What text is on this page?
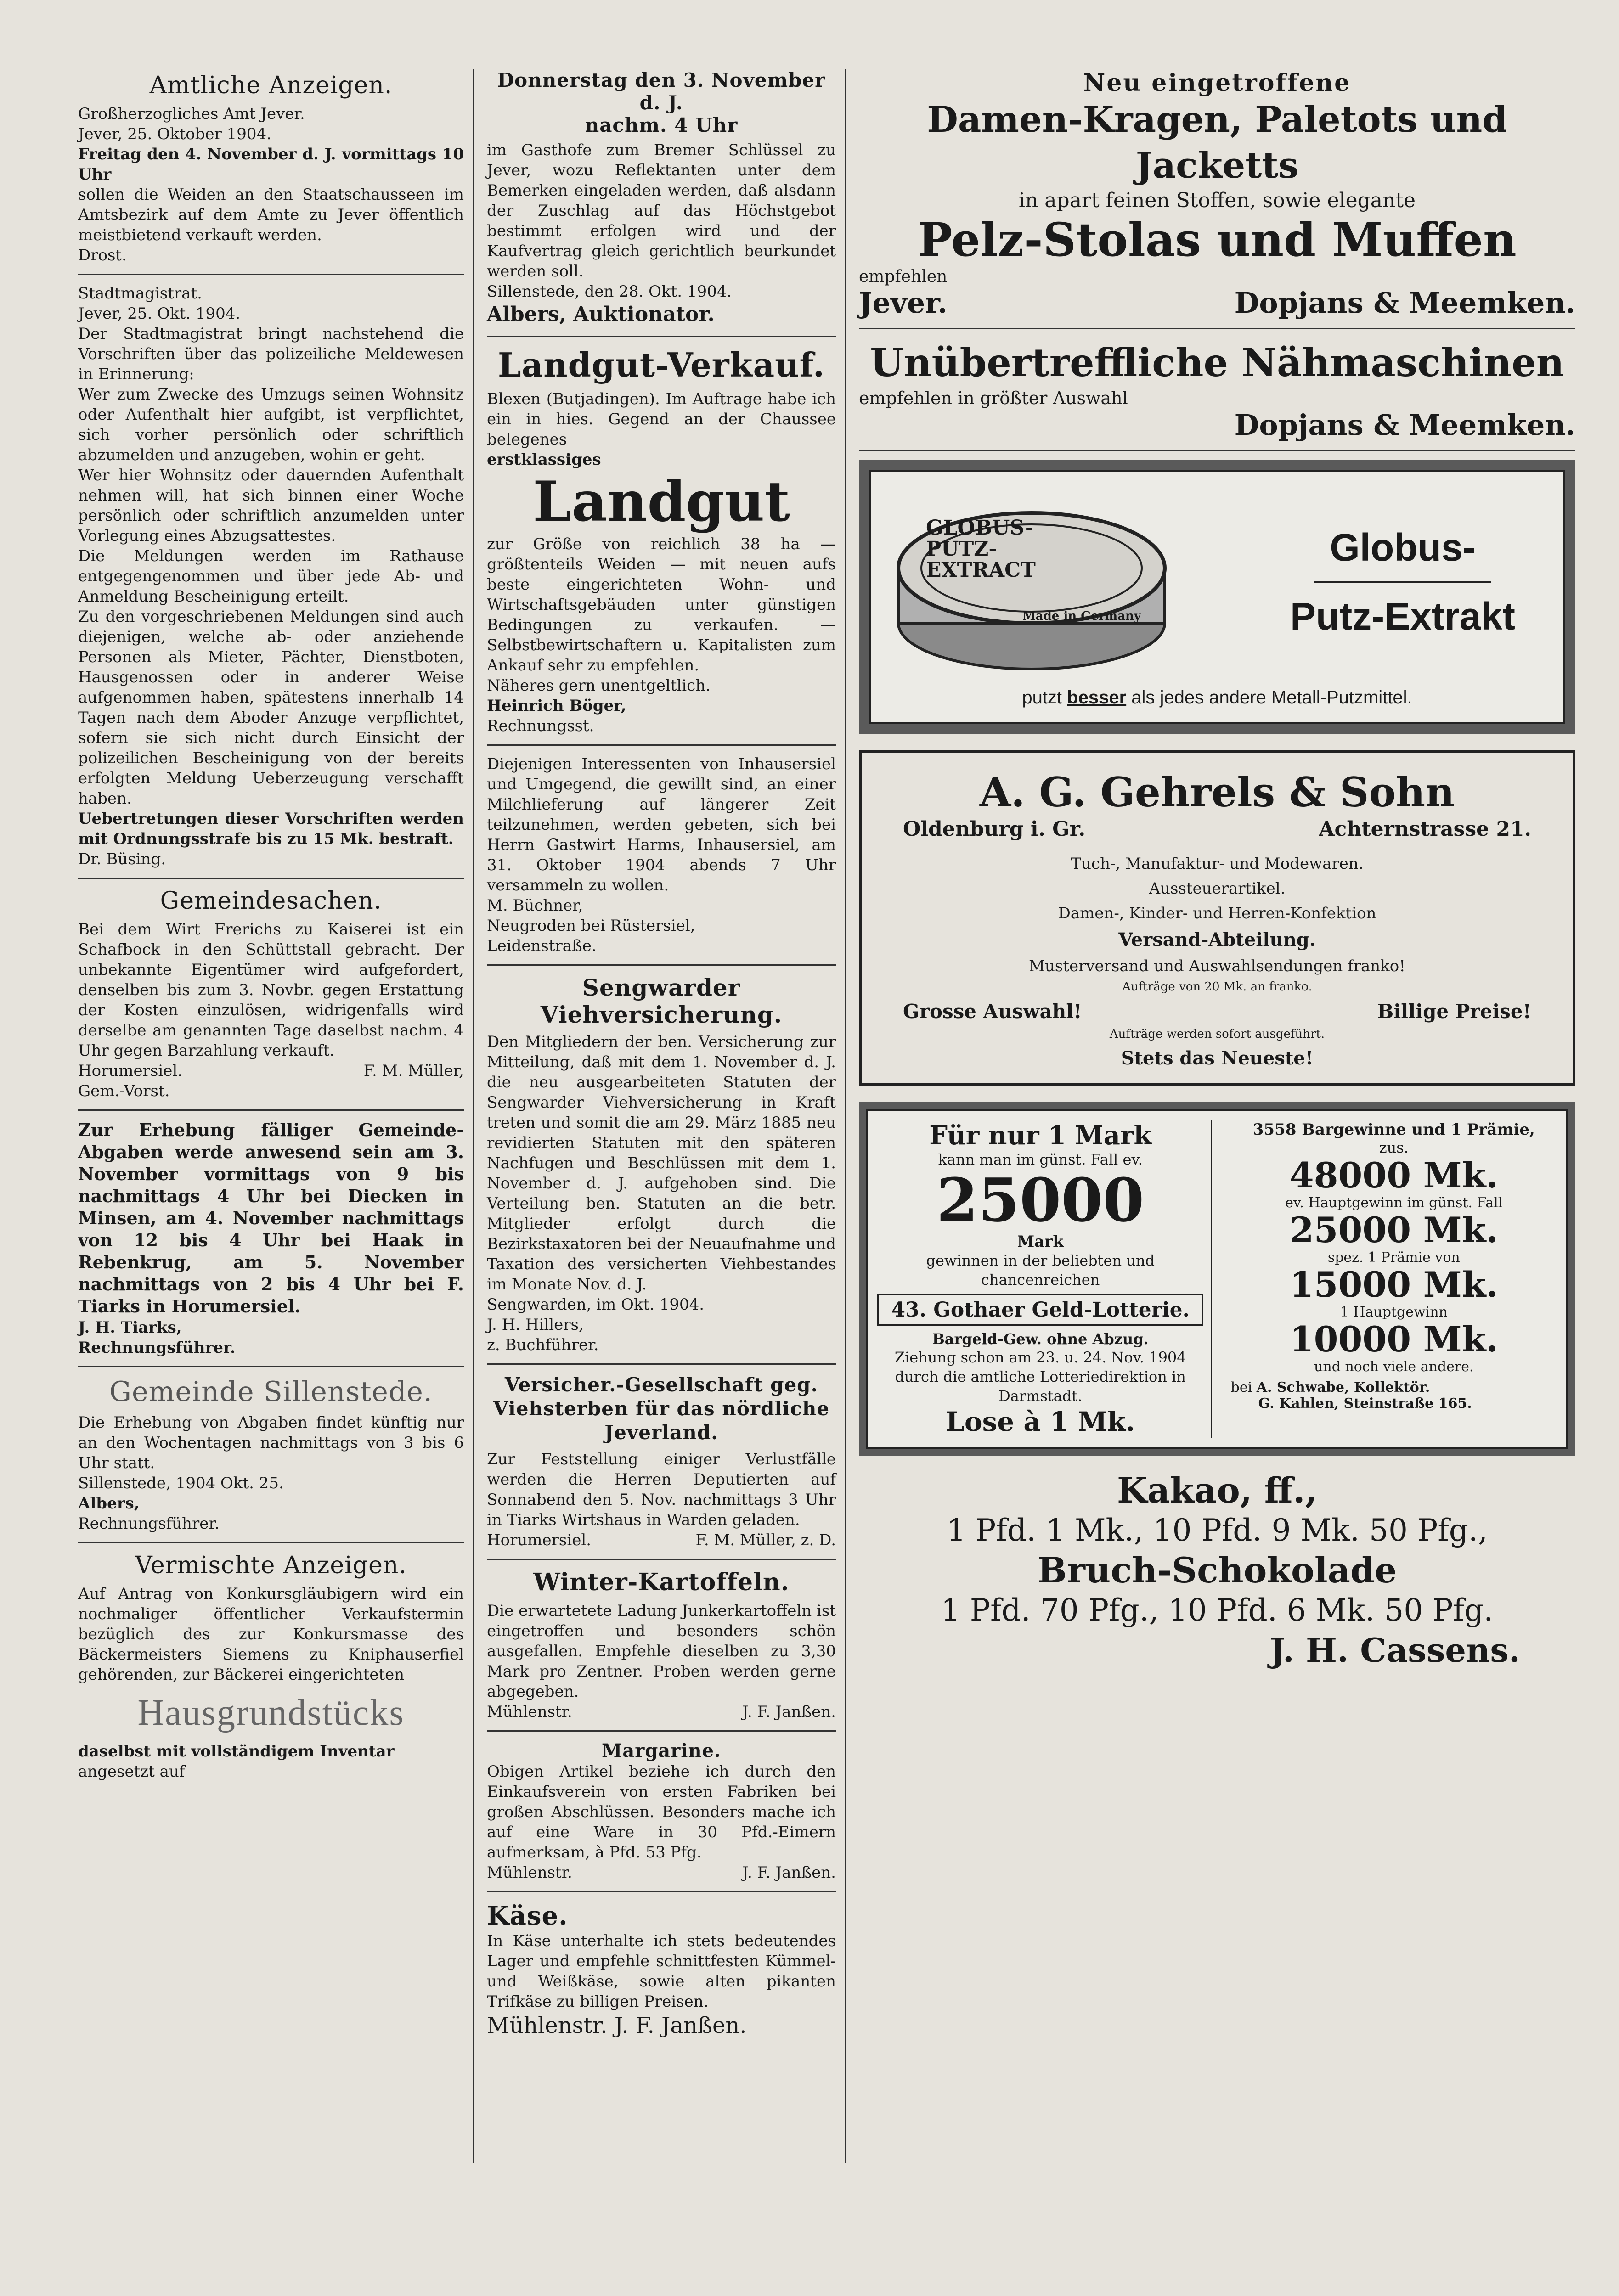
Amtliche Anzeigen.

Großherzogliches Amt Jever.

Jever, 25. Oktober 1904.

Freitag den 4. November d. J. vormittags 10 Uhr

sollen die Weiden an den Staatschausseen im Amtsbezirk auf dem Amte zu Jever öffentlich meistbietend verkauft werden.

Drost.

Stadtmagistrat.

Jever, 25. Okt. 1904.

Der Stadtmagistrat bringt nachstehend die Vorschriften über das polizeiliche Meldewesen in Erinnerung:

Wer zum Zwecke des Umzugs seinen Wohnsitz oder Aufenthalt hier aufgibt, ist verpflichtet, sich vorher persönlich oder schriftlich abzumelden und anzugeben, wohin er geht.

Wer hier Wohnsitz oder dauernden Aufenthalt nehmen will, hat sich binnen einer Woche persönlich oder schriftlich anzumelden unter Vorlegung eines Abzugsattestes.

Die Meldungen werden im Rathause entgegengenommen und über jede Ab- und Anmeldung Bescheinigung erteilt.

Zu den vorgeschriebenen Meldungen sind auch diejenigen, welche ab- oder anziehende Personen als Mieter, Pächter, Dienstboten, Hausgenossen oder in anderer Weise aufgenommen haben, spätestens innerhalb 14 Tagen nach dem Aboder Anzuge verpflichtet, sofern sie sich nicht durch Einsicht der polizeilichen Bescheinigung von der bereits erfolgten Meldung Ueberzeugung verschafft haben.

Uebertretungen dieser Vorschriften werden mit Ordnungsstrafe bis zu 15 Mk. bestraft.

Dr. Büsing.

Gemeindesachen.

Bei dem Wirt Frerichs zu Kaiserei ist ein Schafbock in den Schüttstall gebracht. Der unbekannte Eigentümer wird aufgefordert, denselben bis zum 3. Novbr. gegen Erstattung der Kosten einzulösen, widrigenfalls wird derselbe am genannten Tage daselbst nachm. 4 Uhr gegen Barzahlung verkauft.

Horumersiel.	F. M. Müller,

Gem.-Vorst.

Zur Erhebung fälliger Gemeinde-Abgaben werde anwesend sein am 3. November vormittags von 9 bis nachmittags 4 Uhr bei Diecken in Minsen, am 4. November nachmittags von 12 bis 4 Uhr bei Haak in Rebenkrug, am 5. November nachmittags von 2 bis 4 Uhr bei F. Tiarks in Horumersiel.

J. H. Tiarks,

Rechnungsführer.

Gemeinde Sillenstede.

Die Erhebung von Abgaben findet künftig nur an den Wochentagen nachmittags von 3 bis 6 Uhr statt.

Sillenstede, 1904 Okt. 25.

Albers,

Rechnungsführer.

Vermischte Anzeigen.

Auf Antrag von Konkursgläubigern wird ein nochmaliger öffentlicher Verkaufstermin bezüglich des zur Konkursmasse des Bäckermeisters Siemens zu Kniphauserfiel gehörenden, zur Bäckerei eingerichteten

Hausgrundstücks

daselbst mit vollständigem Inventar

angesetzt auf

Donnerstag den 3. November d. J.
nachm. 4 Uhr

im Gasthofe zum Bremer Schlüssel zu Jever, wozu Reflektanten unter dem Bemerken eingeladen werden, daß alsdann der Zuschlag auf das Höchstgebot bestimmt erfolgen wird und der Kaufvertrag gleich gerichtlich beurkundet werden soll.

Sillenstede, den 28. Okt. 1904.

Albers, Auktionator.

Landgut-Verkauf.

Blexen (Butjadingen). Im Auftrage habe ich ein in hies. Gegend an der Chaussee belegenes

erstklassiges

Landgut

zur Größe von reichlich 38 ha — größtenteils Weiden — mit neuen aufs beste eingerichteten Wohn- und Wirtschaftsgebäuden unter günstigen Bedingungen zu verkaufen. — Selbstbewirtschaftern u. Kapitalisten zum Ankauf sehr zu empfehlen.

Näheres gern unentgeltlich.

Heinrich Böger,

Rechnungsst.

Diejenigen Interessenten von Inhausersiel und Umgegend, die gewillt sind, an einer Milchlieferung auf längerer Zeit teilzunehmen, werden gebeten, sich bei Herrn Gastwirt Harms, Inhausersiel, am 31. Oktober 1904 abends 7 Uhr versammeln zu wollen.

M. Büchner,

Neugroden bei Rüstersiel,

Leidenstraße.

Sengwarder
Viehversicherung.

Den Mitgliedern der ben. Versicherung zur Mitteilung, daß mit dem 1. November d. J. die neu ausgearbeiteten Statuten der Sengwarder Viehversicherung in Kraft treten und somit die am 29. März 1885 neu revidierten Statuten mit den späteren Nachfugen und Beschlüssen mit dem 1. November d. J. aufgehoben sind. Die Verteilung ben. Statuten an die betr. Mitglieder erfolgt durch die Bezirkstaxatoren bei der Neuaufnahme und Taxation des versicherten Viehbestandes im Monate Nov. d. J.

Sengwarden, im Okt. 1904.

J. H. Hillers,

z. Buchführer.

Versicher.-Gesellschaft geg. Viehsterben für das nördliche Jeverland.

Zur Feststellung einiger Verlustfälle werden die Herren Deputierten auf Sonnabend den 5. Nov. nachmittags 3 Uhr in Tiarks Wirtshaus in Warden geladen.

Horumersiel.	F. M. Müller, z. D.
Winter-Kartoffeln.

Die erwartetete Ladung Junkerkartoffeln ist eingetroffen und besonders schön ausgefallen. Empfehle dieselben zu 3,30 Mark pro Zentner. Proben werden gerne abgegeben.

Mühlenstr.	J. F. Janßen.
Margarine.

Obigen Artikel beziehe ich durch den Einkaufsverein von ersten Fabriken bei großen Abschlüssen. Besonders mache ich auf eine Ware in 30 Pfd.-Eimern aufmerksam, à Pfd. 53 Pfg.

Mühlenstr.	J. F. Janßen.
Käse.

In Käse unterhalte ich stets bedeutendes Lager und empfehle schnittfesten Kümmel- und Weißkäse, sowie alten pikanten Trifkäse zu billigen Preisen.

Mühlenstr. J. F. Janßen.

Neu eingetroffene
Damen-Kragen, Paletots und Jacketts
in apart feinen Stoffen, sowie elegante
Pelz-Stolas und Muffen
empfehlen
Jever.	Dopjans & Meemken.
Unübertreffliche Nähmaschinen
empfehlen in größter Auswahl
Dopjans & Meemken.
GLOBUS-
PUTZ-
EXTRACT
Made in Germany
Globus-
Putz-Extrakt
putzt besser als jedes andere Metall-Putzmittel.
A. G. Gehrels & Sohn
Oldenburg i. Gr.	Achternstrasse 21.
Tuch-, Manufaktur- und Modewaren.
Aussteuerartikel.
Damen-, Kinder- und Herren-Konfektion
Versand-Abteilung.
Musterversand und Auswahlsendungen franko!
Aufträge von 20 Mk. an franko.
Grosse Auswahl!	Billige Preise!
Aufträge werden sofort ausgeführt.
Stets das Neueste!
Für nur 1 Mark
kann man im günst. Fall ev.
25000
Mark
gewinnen in der beliebten und chancenreichen
43. Gothaer Geld-Lotterie.
Bargeld-Gew. ohne Abzug.
Ziehung schon am 23. u. 24. Nov. 1904 durch die amtliche Lotteriedirektion in Darmstadt.
Lose à 1 Mk.
3558 Bargewinne und 1 Prämie,
zus.
48000 Mk.
ev. Hauptgewinn im günst. Fall
25000 Mk.
spez. 1 Prämie von
15000 Mk.
1 Hauptgewinn
10000 Mk.
und noch viele andere.
bei A. Schwabe, Kollektör.
G. Kahlen, Steinstraße 165.
Kakao, ff.,
1 Pfd. 1 Mk., 10 Pfd. 9 Mk. 50 Pfg.,
Bruch-Schokolade
1 Pfd. 70 Pfg., 10 Pfd. 6 Mk. 50 Pfg.
J. H. Cassens.
